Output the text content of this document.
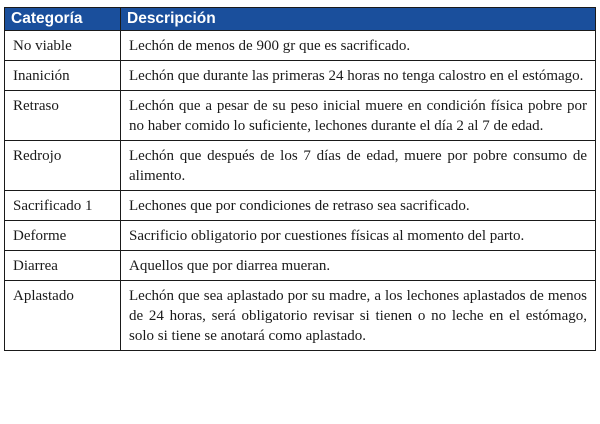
Categoría	Descripción
No viable	Lechón de menos de 900 gr que es sacrificado.
Inanición	Lechón que durante las primeras 24 horas no tenga calostro en el estómago.
Retraso	Lechón que a pesar de su peso inicial muere en condición física pobre por no haber comido lo suficiente, lechones durante el día 2 al 7 de edad.
Redrojo	Lechón que después de los 7 días de edad, muere por pobre consumo de alimento.
Sacrificado 1	Lechones que por condiciones de retraso sea sacrificado.
Deforme	Sacrificio obligatorio por cuestiones físicas al momento del parto.
Diarrea	Aquellos que por diarrea mueran.
Aplastado	Lechón que sea aplastado por su madre, a los lechones aplastados de menos de 24 horas, será obligatorio revisar si tienen o no leche en el estómago, solo si tiene se anotará como aplastado.
